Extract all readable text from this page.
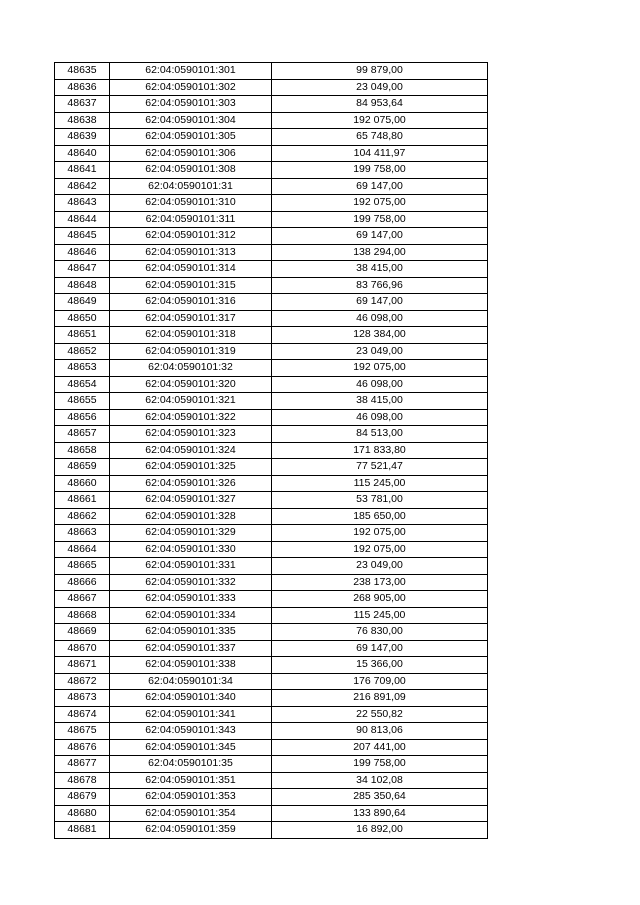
48635	62:04:0590101:301	99 879,00
48636	62:04:0590101:302	23 049,00
48637	62:04:0590101:303	84 953,64
48638	62:04:0590101:304	192 075,00
48639	62:04:0590101:305	65 748,80
48640	62:04:0590101:306	104 411,97
48641	62:04:0590101:308	199 758,00
48642	62:04:0590101:31	69 147,00
48643	62:04:0590101:310	192 075,00
48644	62:04:0590101:311	199 758,00
48645	62:04:0590101:312	69 147,00
48646	62:04:0590101:313	138 294,00
48647	62:04:0590101:314	38 415,00
48648	62:04:0590101:315	83 766,96
48649	62:04:0590101:316	69 147,00
48650	62:04:0590101:317	46 098,00
48651	62:04:0590101:318	128 384,00
48652	62:04:0590101:319	23 049,00
48653	62:04:0590101:32	192 075,00
48654	62:04:0590101:320	46 098,00
48655	62:04:0590101:321	38 415,00
48656	62:04:0590101:322	46 098,00
48657	62:04:0590101:323	84 513,00
48658	62:04:0590101:324	171 833,80
48659	62:04:0590101:325	77 521,47
48660	62:04:0590101:326	115 245,00
48661	62:04:0590101:327	53 781,00
48662	62:04:0590101:328	185 650,00
48663	62:04:0590101:329	192 075,00
48664	62:04:0590101:330	192 075,00
48665	62:04:0590101:331	23 049,00
48666	62:04:0590101:332	238 173,00
48667	62:04:0590101:333	268 905,00
48668	62:04:0590101:334	115 245,00
48669	62:04:0590101:335	76 830,00
48670	62:04:0590101:337	69 147,00
48671	62:04:0590101:338	15 366,00
48672	62:04:0590101:34	176 709,00
48673	62:04:0590101:340	216 891,09
48674	62:04:0590101:341	22 550,82
48675	62:04:0590101:343	90 813,06
48676	62:04:0590101:345	207 441,00
48677	62:04:0590101:35	199 758,00
48678	62:04:0590101:351	34 102,08
48679	62:04:0590101:353	285 350,64
48680	62:04:0590101:354	133 890,64
48681	62:04:0590101:359	16 892,00
